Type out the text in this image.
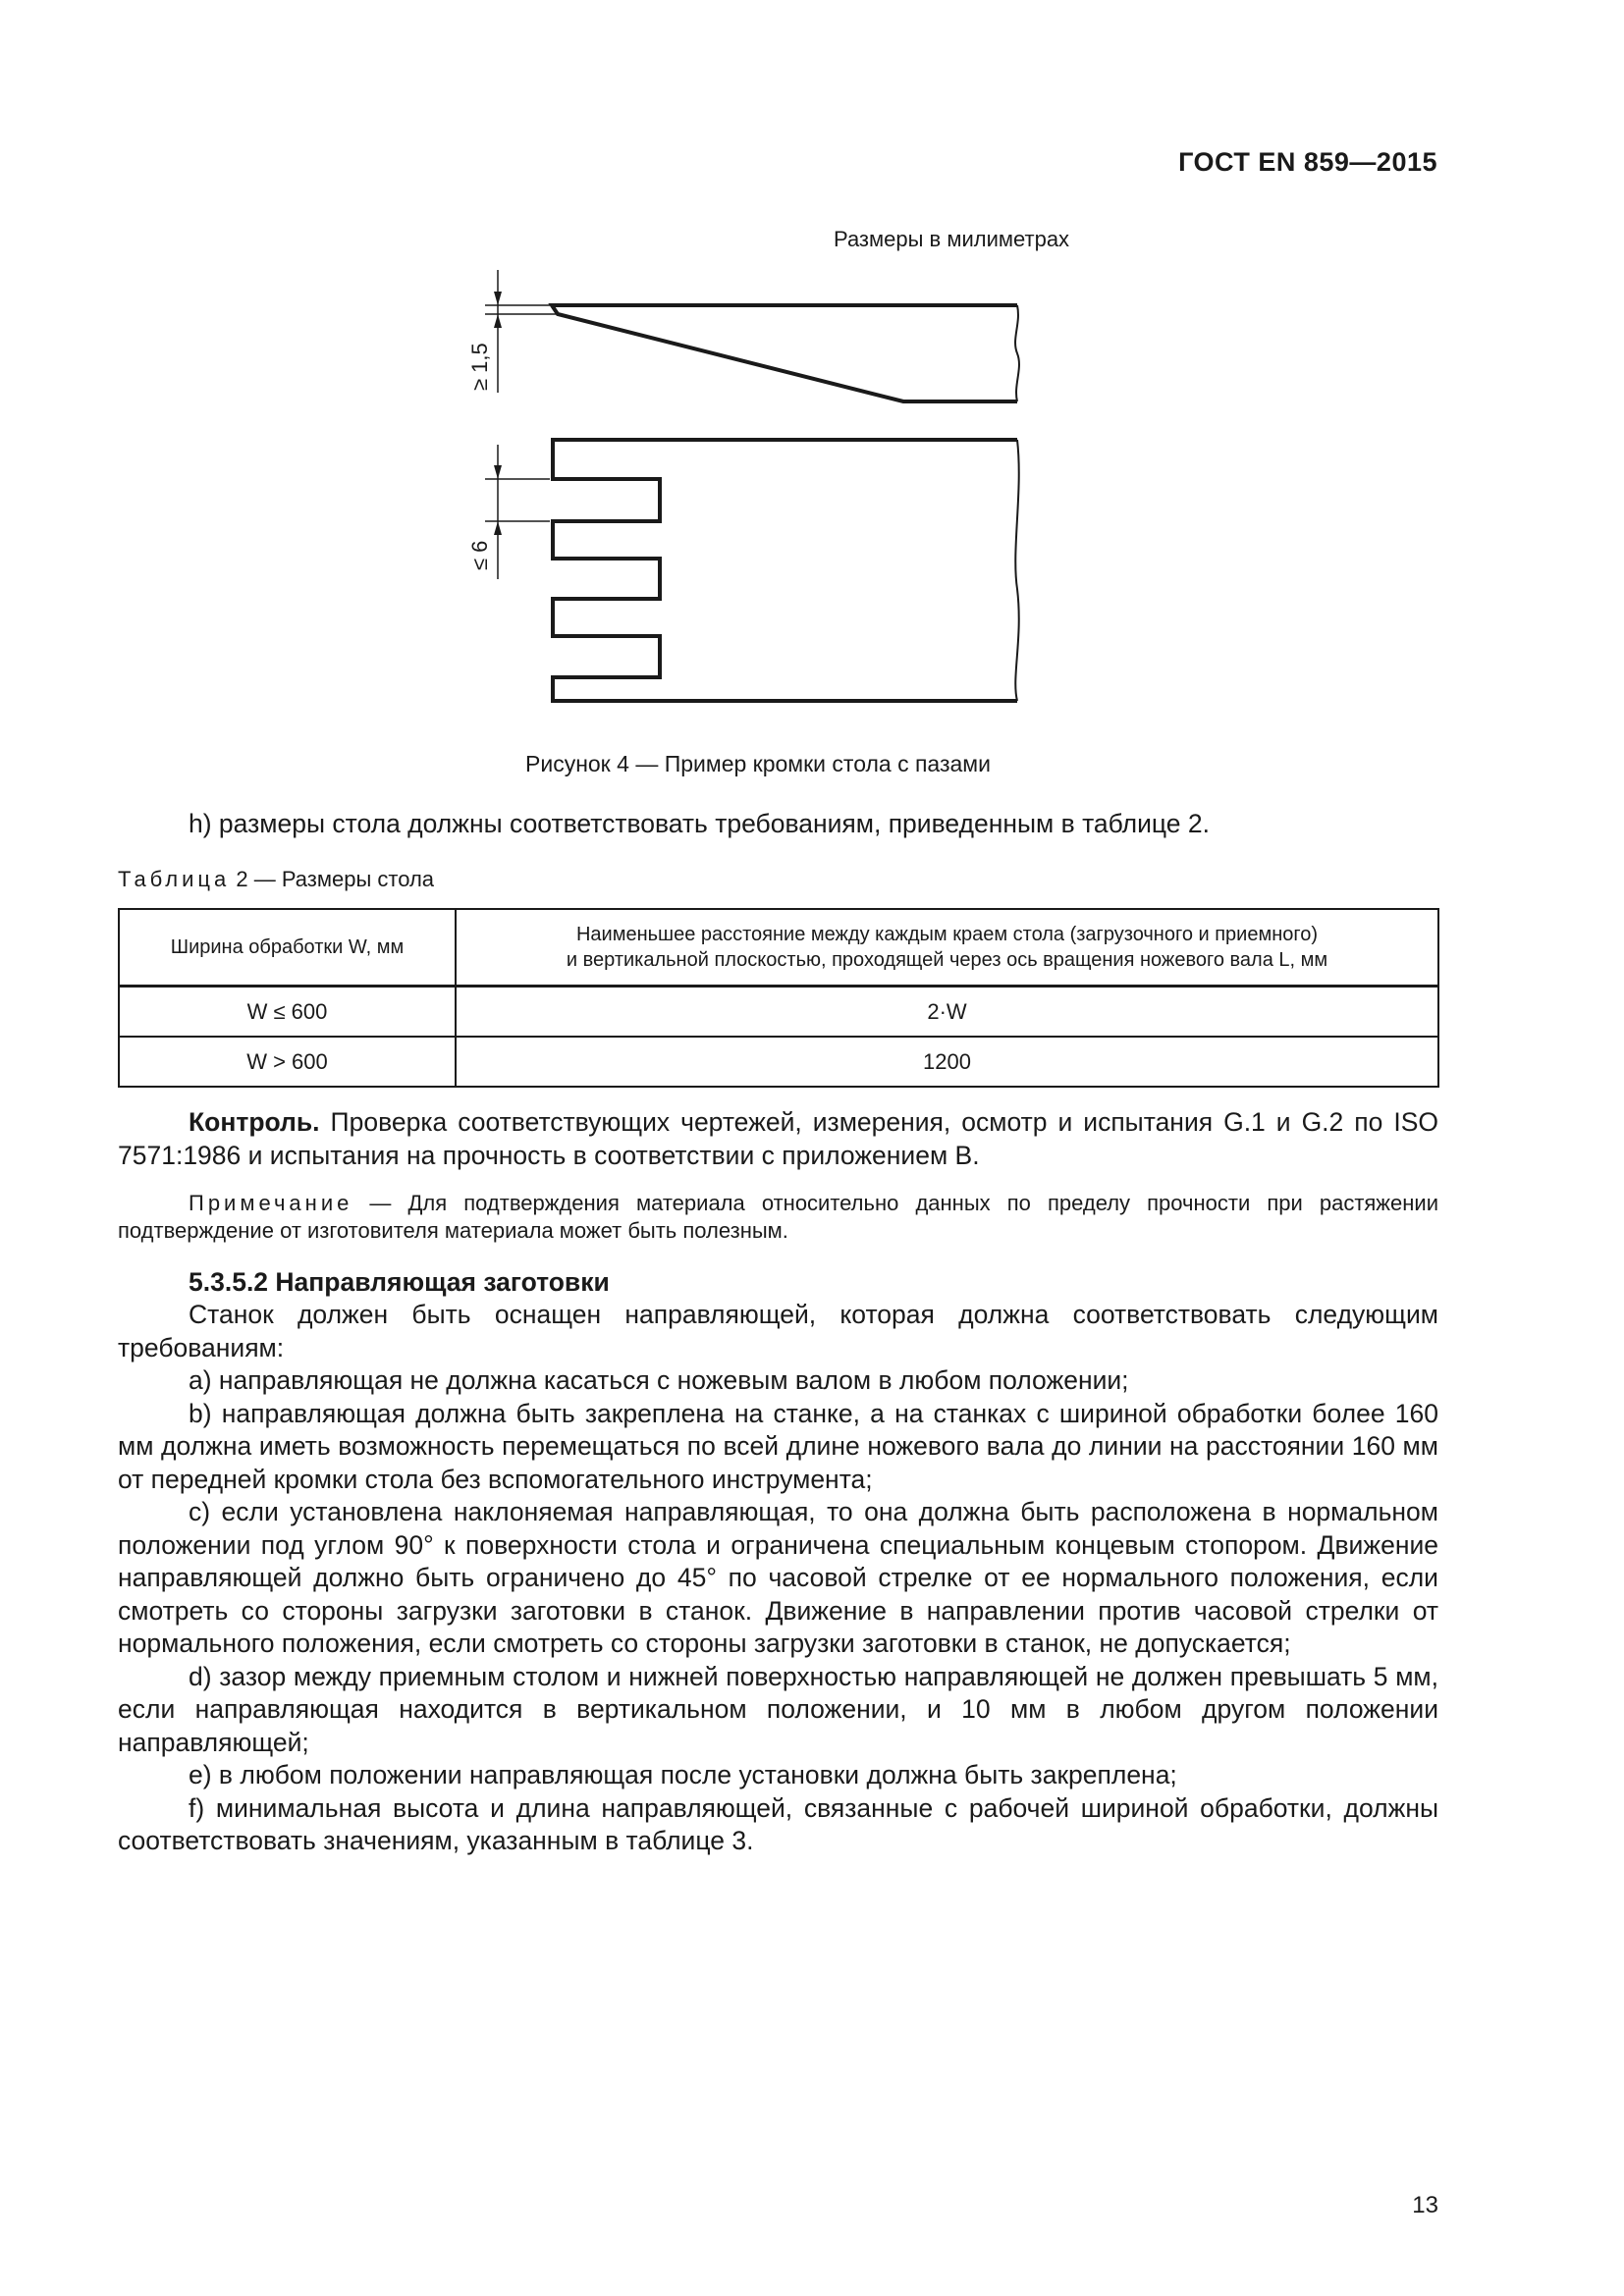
ГОСТ EN 859—2015
Размеры в милиметрах
≥ 1,5
≤ 6
Рисунок 4 — Пример кромки стола с пазами
h) размеры стола должны соответствовать требованиям, приведенным в таблице 2.
Таблица 2 — Размеры стола
Ширина обработки W, мм	Наименьшее расстояние между каждым краем стола (загрузочного и приемного)
и вертикальной плоскостью, проходящей через ось вращения ножевого вала L, мм

W ≤ 600	2·W
W > 600	1200
Контроль. Проверка соответствующих чертежей, измерения, осмотр и испытания G.1 и G.2 по ISO 7571:1986 и испытания на прочность в соответствии с приложением В.
Примечание — Для подтверждения материала относительно данных по пределу прочности при растяжении подтверждение от изготовителя материала может быть полезным.
5.3.5.2 Направляющая заготовки
Станок должен быть оснащен направляющей, которая должна соответствовать следующим требованиям:
a) направляющая не должна касаться с ножевым валом в любом положении;
b) направляющая должна быть закреплена на станке, а на станках с шириной обработки более 160 мм должна иметь возможность перемещаться по всей длине ножевого вала до линии на расстоянии 160 мм от передней кромки стола без вспомогательного инструмента;
c) если установлена наклоняемая направляющая, то она должна быть расположена в нормальном положении под углом 90° к поверхности стола и ограничена специальным концевым стопором. Движение направляющей должно быть ограничено до 45° по часовой стрелке от ее нормального положения, если смотреть со стороны загрузки заготовки в станок. Движение в направлении против часовой стрелки от нормального положения, если смотреть со стороны загрузки заготовки в станок, не допускается;
d) зазор между приемным столом и нижней поверхностью направляющей не должен превышать 5 мм, если направляющая находится в вертикальном положении, и 10 мм в любом другом положении направляющей;
e) в любом положении направляющая после установки должна быть закреплена;
f) минимальная высота и длина направляющей, связанные с рабочей шириной обработки, должны соответствовать значениям, указанным в таблице 3.
13
